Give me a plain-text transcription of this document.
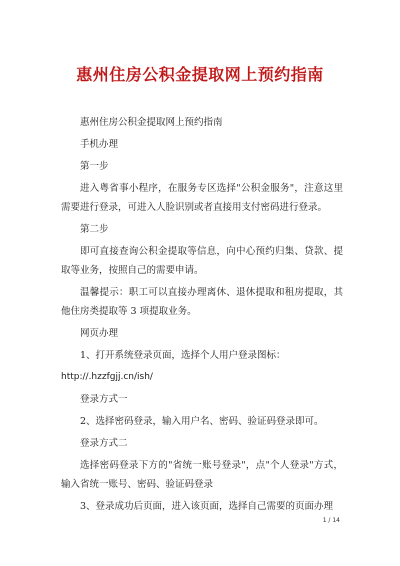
惠州住房公积金提取网上预约指南

惠州住房公积金提取网上预约指南

手机办理

第一步

进入粤省事小程序，在服务专区选择"公积金服务"，注意这里需要进行登录，可进入人脸识别或者直接用支付密码进行登录。

第二步

即可直接查询公积金提取等信息，向中心预约归集、贷款、提取等业务，按照自己的需要申请。

温馨提示：职工可以直接办理离休、退休提取和租房提取，其他住房类提取等 3 项提取业务。

网页办理

1、打开系统登录页面，选择个人用户登录图标：

http://.hzzfgjj.cn/ish/

登录方式一

2、选择密码登录，输入用户名、密码、验证码登录即可。

登录方式二

选择密码登录下方的"省统一账号登录"，点"个人登录"方式，输入省统一账号、密码、验证码登录

3、登录成功后页面，进入该页面，选择自己需要的页面办理

1 / 14
